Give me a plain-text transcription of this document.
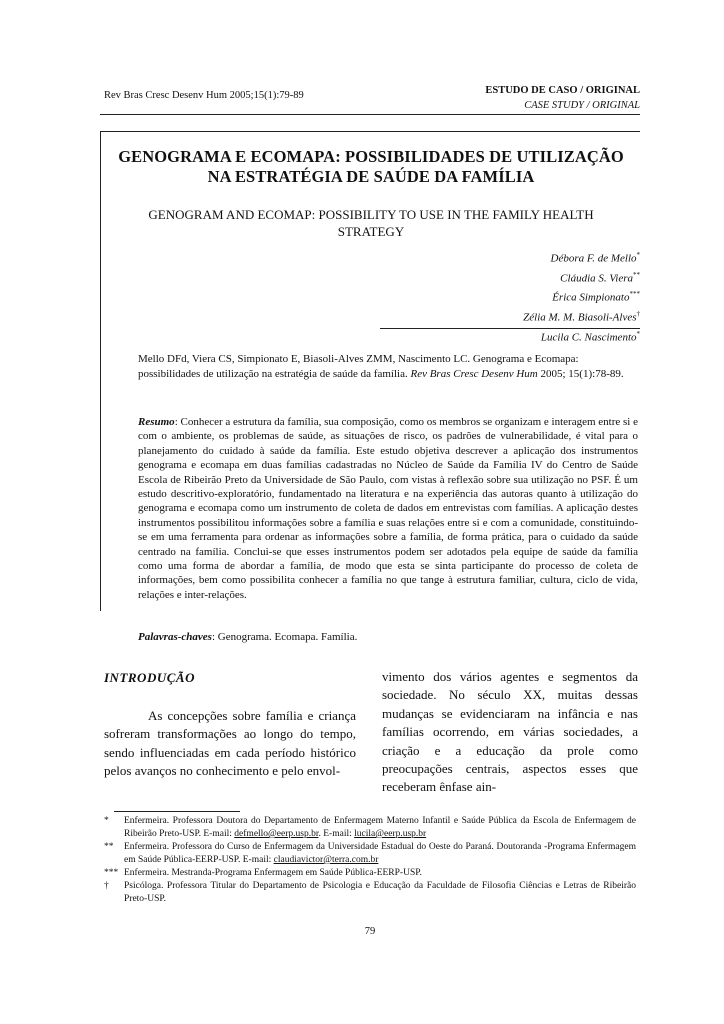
Rev Bras Cresc Desenv Hum 2005;15(1):79-89	ESTUDO DE CASO / ORIGINAL
CASE STUDY / ORIGINAL
GENOGRAMA E ECOMAPA: POSSIBILIDADES DE UTILIZAÇÃO
NA ESTRATÉGIA DE SAÚDE DA FAMÍLIA
GENOGRAM AND ECOMAP: POSSIBILITY TO USE IN THE FAMILY HEALTH
STRATEGY
Débora F. de Mello*
Cláudia S. Viera**
Érica Simpionato***
Zélia M. M. Biasoli-Alves†
Lucila C. Nascimento*
Mello DFd, Viera CS, Simpionato E, Biasoli-Alves ZMM, Nascimento LC. Genograma e Ecomapa: possibilidades de utilização na estratégia de saúde da família. Rev Bras Cresc Desenv Hum 2005; 15(1):78-89.
Resumo: Conhecer a estrutura da família, sua composição, como os membros se organizam e interagem entre si e com o ambiente, os problemas de saúde, as situações de risco, os padrões de vulnerabilidade, é vital para o planejamento do cuidado à saúde da família. Este estudo objetiva descrever a aplicação dos instrumentos genograma e ecomapa em duas famílias cadastradas no Núcleo de Saúde da Família IV do Centro de Saúde Escola de Ribeirão Preto da Universidade de São Paulo, com vistas à reflexão sobre sua utilização no PSF. É um estudo descritivo-exploratório, fundamentado na literatura e na experiência das autoras quanto à utilização do genograma e ecomapa como um instrumento de coleta de dados em entrevistas com famílias. A aplicação destes instrumentos possibilitou informações sobre a família e suas relações entre si e com a comunidade, constituindo-se em uma ferramenta para ordenar as informações sobre a família, de forma prática, para o cuidado da saúde centrado na família. Conclui-se que esses instrumentos podem ser adotados pela equipe de saúde da família como uma forma de abordar a família, de modo que esta se sinta participante do processo de coleta de informações, bem como possibilita conhecer a família no que tange à estrutura familiar, cultura, ciclo de vida, relações e inter-relações.
Palavras-chaves: Genograma. Ecomapa. Família.
INTRODUÇÃO

As concepções sobre família e criança sofreram transformações ao longo do tempo, sendo influenciadas em cada período histórico pelos avanços no conhecimento e pelo envol-

vimento dos vários agentes e segmentos da sociedade. No século XX, muitas dessas mudanças se evidenciaram na infância e nas famílias ocorrendo, em várias sociedades, a criação e a educação da prole como preocupações centrais, aspectos esses que receberam ênfase ain-
* Enfermeira. Professora Doutora do Departamento de Enfermagem Materno Infantil e Saúde Pública da Escola de Enfermagem de Ribeirão Preto-USP. E-mail: defmello@eerp.usp.br. E-mail: lucila@eerp.usp.br
** Enfermeira. Professora do Curso de Enfermagem da Universidade Estadual do Oeste do Paraná. Doutoranda -Programa Enfermagem em Saúde Pública-EERP-USP. E-mail: claudiavictor@terra.com.br
*** Enfermeira. Mestranda-Programa Enfermagem em Saúde Pública-EERP-USP.
† Psicóloga. Professora Titular do Departamento de Psicologia e Educação da Faculdade de Filosofia Ciências e Letras de Ribeirão Preto-USP.
79
